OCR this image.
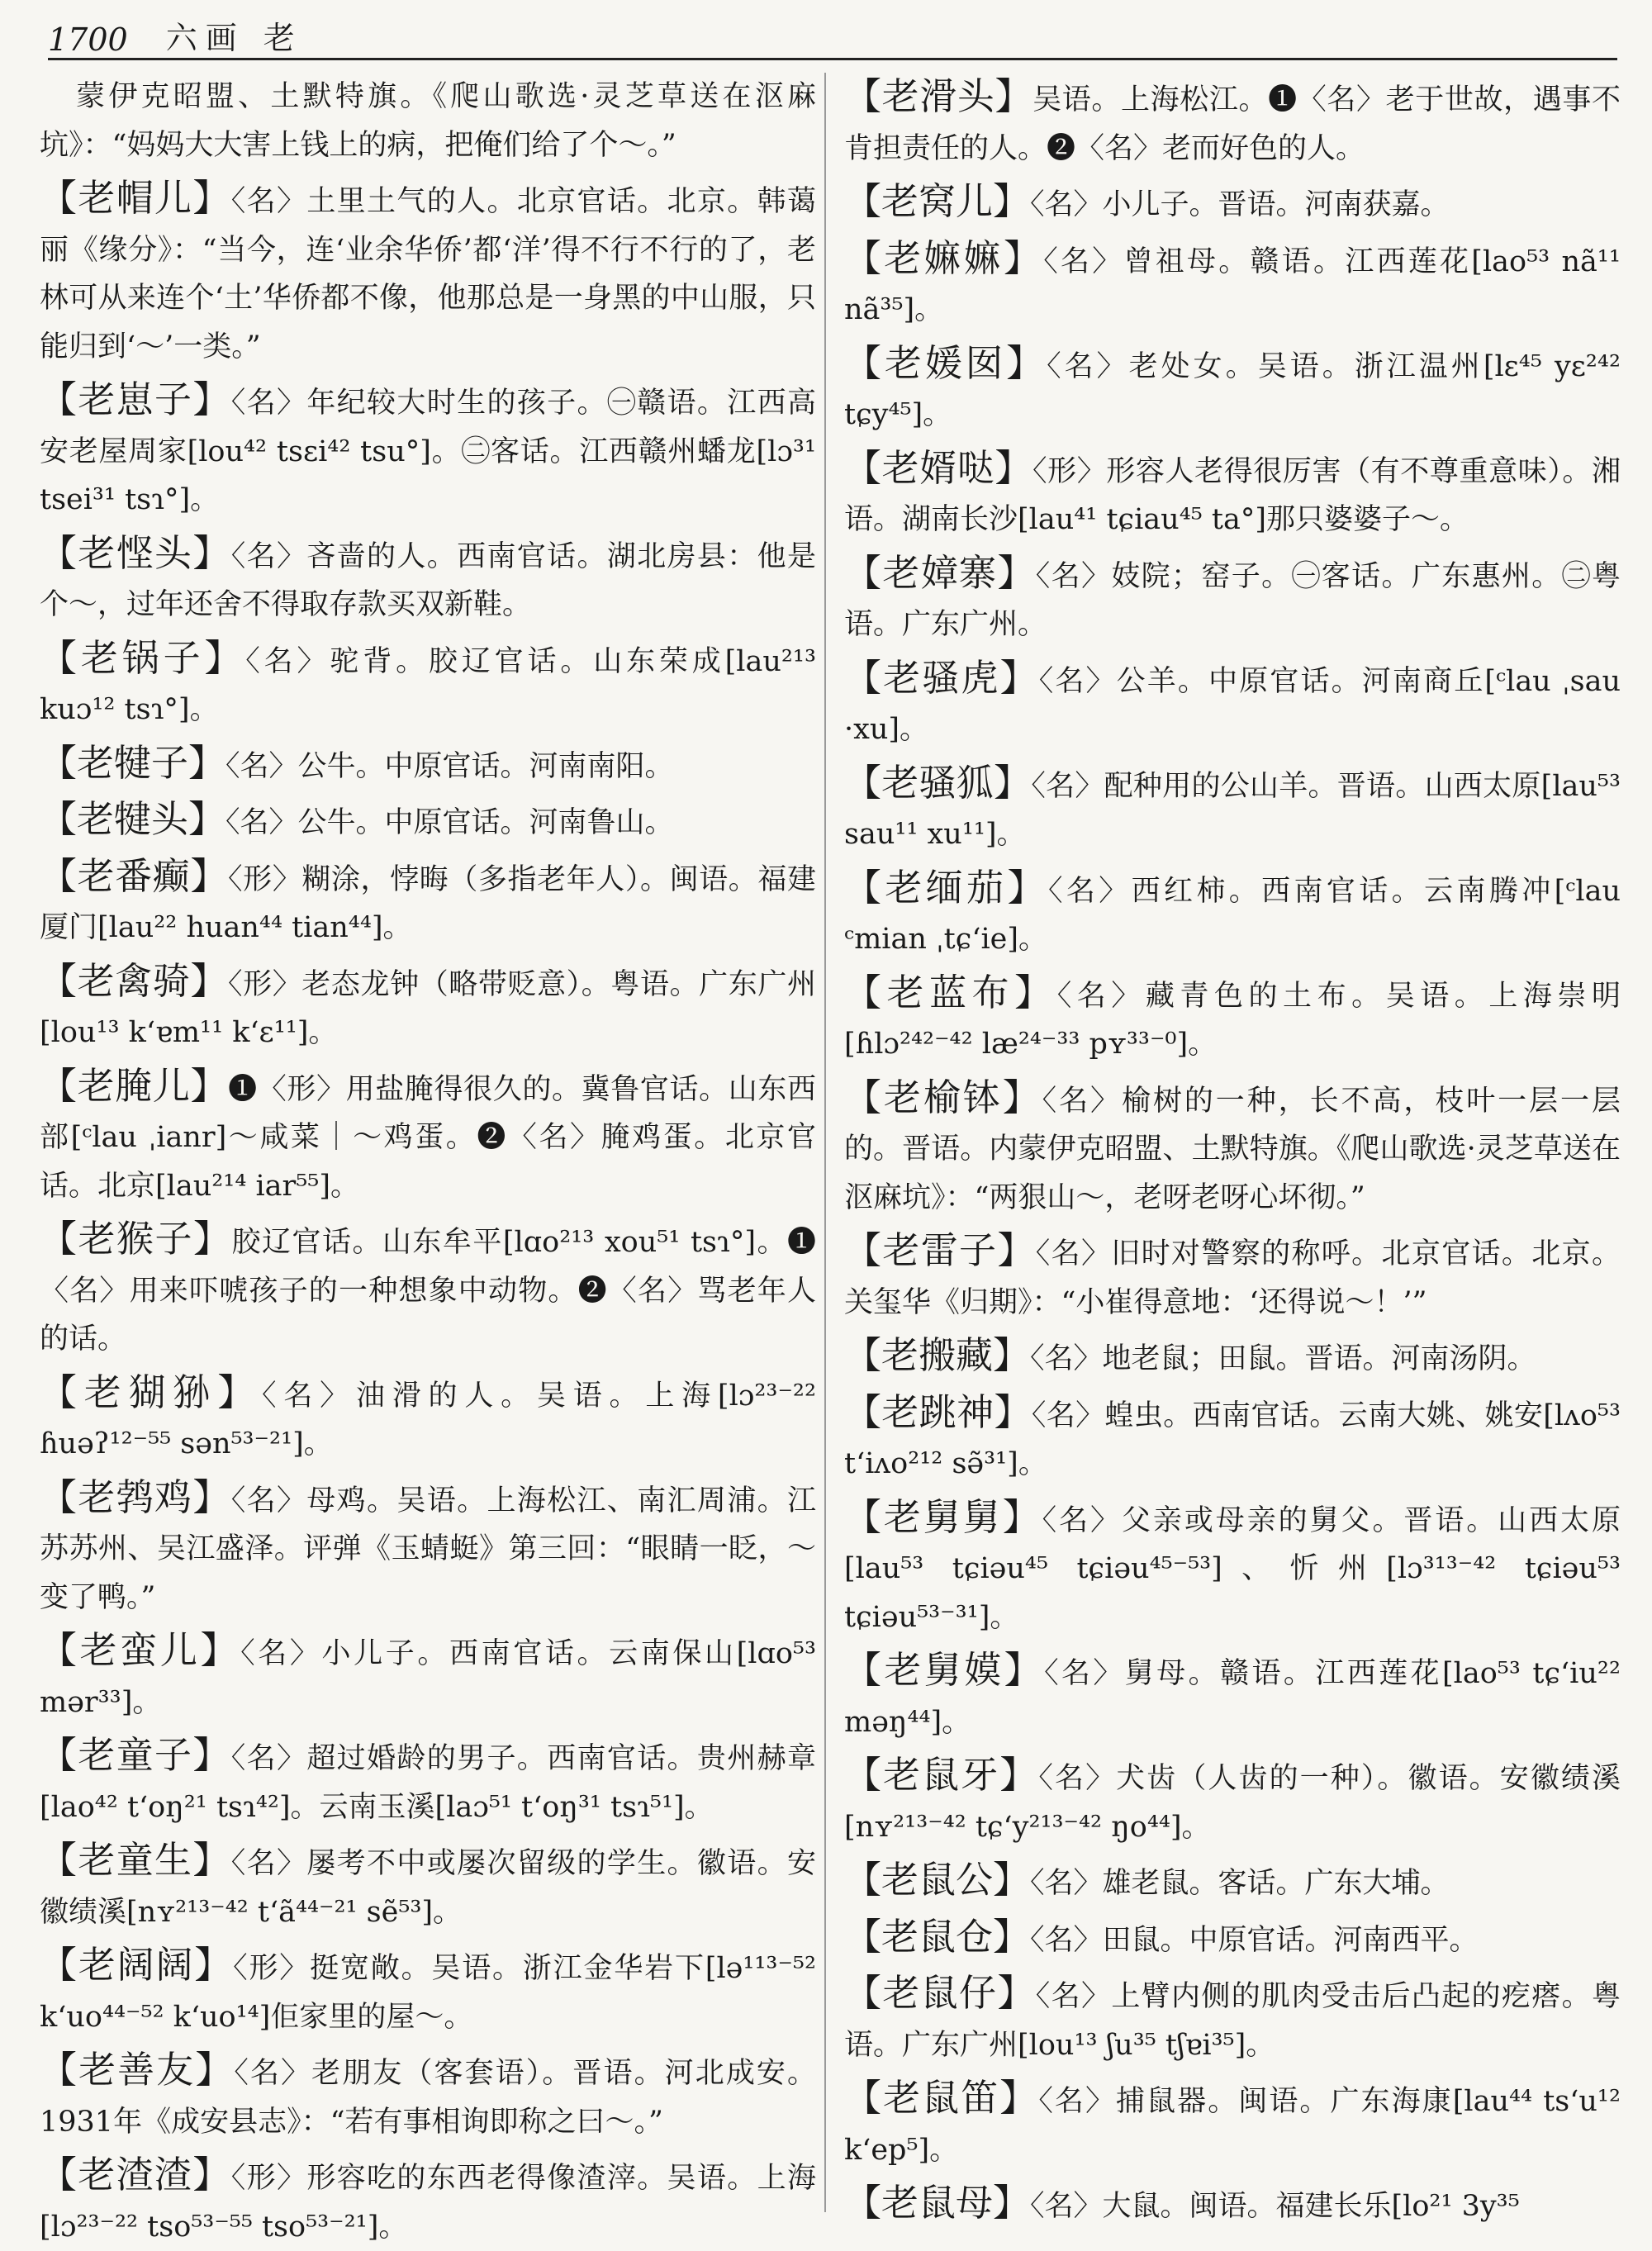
1700 六画 老

蒙伊克昭盟、土默特旗。《爬山歌选·灵芝草送在沤麻坑》：“妈妈大大害上钱上的病，把俺们给了个～。”

【老帽儿】〈名〉土里土气的人。北京官话。北京。韩蔼丽《缘分》：“当今，连‘业余华侨’都‘洋’得不行不行的了，老林可从来连个‘土’华侨都不像，他那总是一身黑的中山服，只能归到‘～’一类。”

【老崽子】〈名〉年纪较大时生的孩子。㊀赣语。江西高安老屋周家[lou⁴² tsɛi⁴² tsu°]。㊁客话。江西赣州蟠龙[lɔ³¹ tsei³¹ tsɿ°]。

【老悭头】〈名〉吝啬的人。西南官话。湖北房县：他是个～，过年还舍不得取存款买双新鞋。

【老锅子】〈名〉驼背。胶辽官话。山东荣成[lau²¹³ kuɔ¹² tsɿ°]。

【老犍子】〈名〉公牛。中原官话。河南南阳。

【老犍头】〈名〉公牛。中原官话。河南鲁山。

【老番癫】〈形〉糊涂，悖晦（多指老年人）。闽语。福建厦门[lau²² huan⁴⁴ tian⁴⁴]。

【老禽骑】〈形〉老态龙钟（略带贬意）。粤语。广东广州[lou¹³ k‘ɐm¹¹ k‘ɛ¹¹]。

【老腌儿】❶〈形〉用盐腌得很久的。冀鲁官话。山东西部[ᶜlau ˌianr]～咸菜｜～鸡蛋。❷〈名〉腌鸡蛋。北京官话。北京[lau²¹⁴ iar⁵⁵]。

【老猴子】胶辽官话。山东牟平[lɑo²¹³ xou⁵¹ tsɿ°]。❶〈名〉用来吓唬孩子的一种想象中动物。❷〈名〉骂老年人的话。

【老猢狲】〈名〉油滑的人。吴语。上海[lɔ²³⁻²² ɦuəʔ¹²⁻⁵⁵ sən⁵³⁻²¹]。

【老鹁鸡】〈名〉母鸡。吴语。上海松江、南汇周浦。江苏苏州、吴江盛泽。评弹《玉蜻蜓》第三回：“眼睛一眨，～变了鸭。”

【老蛮儿】〈名〉小儿子。西南官话。云南保山[lɑo⁵³ mər³³]。

【老童子】〈名〉超过婚龄的男子。西南官话。贵州赫章[lao⁴² t‘oŋ²¹ tsɿ⁴²]。云南玉溪[laɔ⁵¹ t‘oŋ³¹ tsɿ⁵¹]。

【老童生】〈名〉屡考不中或屡次留级的学生。徽语。安徽绩溪[nʏ²¹³⁻⁴² t‘ã⁴⁴⁻²¹ sẽ⁵³]。

【老阔阔】〈形〉挺宽敞。吴语。浙江金华岩下[lə¹¹³⁻⁵² k‘uo⁴⁴⁻⁵² k‘uo¹⁴]佢家里的屋～。

【老善友】〈名〉老朋友（客套语）。晋语。河北成安。1931年《成安县志》：“若有事相询即称之曰～。”

【老渣渣】〈形〉形容吃的东西老得像渣滓。吴语。上海[lɔ²³⁻²² tso⁵³⁻⁵⁵ tso⁵³⁻²¹]。

【老滑头】吴语。上海松江。❶〈名〉老于世故，遇事不肯担责任的人。❷〈名〉老而好色的人。

【老窝儿】〈名〉小儿子。晋语。河南获嘉。

【老嫲嫲】〈名〉曾祖母。赣语。江西莲花[lao⁵³ nã¹¹ nã³⁵]。

【老媛囡】〈名〉老处女。吴语。浙江温州[lɛ⁴⁵ yɛ²⁴² tɕy⁴⁵]。

【老婿哒】〈形〉形容人老得很厉害（有不尊重意味）。湘语。湖南长沙[lau⁴¹ tɕiau⁴⁵ ta°]那只婆婆子～。

【老嫜寨】〈名〉妓院；窑子。㊀客话。广东惠州。㊁粤语。广东广州。

【老骚虎】〈名〉公羊。中原官话。河南商丘[ᶜlau ˌsau ·xu]。

【老骚狐】〈名〉配种用的公山羊。晋语。山西太原[lau⁵³ sau¹¹ xu¹¹]。

【老缅茄】〈名〉西红柿。西南官话。云南腾冲[ᶜlau ᶜmian ˌtɕ‘ie]。

【老蓝布】〈名〉藏青色的土布。吴语。上海崇明[ɦlɔ²⁴²⁻⁴² læ²⁴⁻³³ pʏ³³⁻⁰]。

【老榆钵】〈名〉榆树的一种，长不高，枝叶一层一层的。晋语。内蒙伊克昭盟、土默特旗。《爬山歌选·灵芝草送在沤麻坑》：“两狠山～，老呀老呀心坏彻。”

【老雷子】〈名〉旧时对警察的称呼。北京官话。北京。关玺华《归期》：“小崔得意地：‘还得说～！’”

【老搬藏】〈名〉地老鼠；田鼠。晋语。河南汤阴。

【老跳神】〈名〉蝗虫。西南官话。云南大姚、姚安[lʌo⁵³ t‘iʌo²¹² sə̃³¹]。

【老舅舅】〈名〉父亲或母亲的舅父。晋语。山西太原[lau⁵³ tɕiəu⁴⁵ tɕiəu⁴⁵⁻⁵³]、忻州[lɔ³¹³⁻⁴² tɕiəu⁵³ tɕiəu⁵³⁻³¹]。

【老舅嫫】〈名〉舅母。赣语。江西莲花[lao⁵³ tɕ‘iu²² məŋ⁴⁴]。

【老鼠牙】〈名〉犬齿（人齿的一种）。徽语。安徽绩溪[nʏ²¹³⁻⁴² tɕ‘y²¹³⁻⁴² ŋo⁴⁴]。

【老鼠公】〈名〉雄老鼠。客话。广东大埔。

【老鼠仓】〈名〉田鼠。中原官话。河南西平。

【老鼠仔】〈名〉上臂内侧的肌肉受击后凸起的疙瘩。粤语。广东广州[lou¹³ ʃu³⁵ tʃɐi³⁵]。

【老鼠笛】〈名〉捕鼠器。闽语。广东海康[lau⁴⁴ ts‘u¹² k‘ep⁵]。

【老鼠母】〈名〉大鼠。闽语。福建长乐[lo²¹ 3y³⁵
